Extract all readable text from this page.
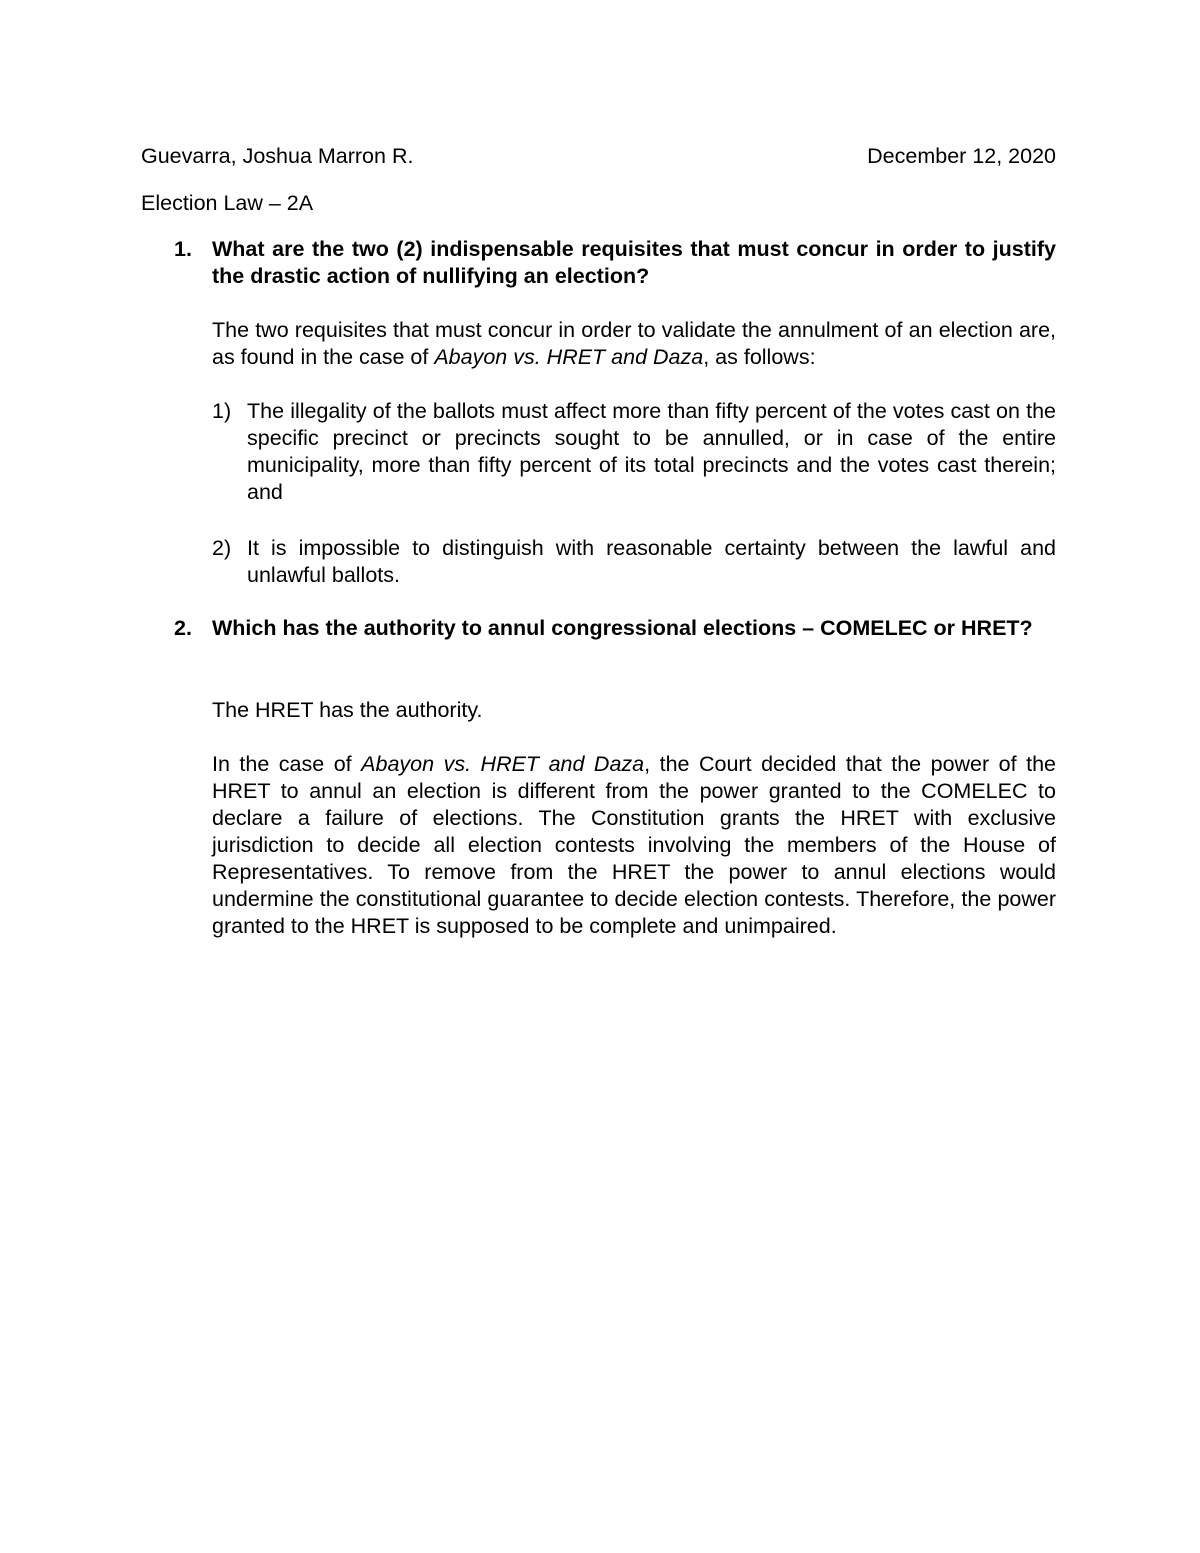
Guevarra, Joshua Marron R.	December 12, 2020
Election Law – 2A
1. What are the two (2) indispensable requisites that must concur in order to justify the drastic action of nullifying an election?

The two requisites that must concur in order to validate the annulment of an election are, as found in the case of Abayon vs. HRET and Daza, as follows:

1) The illegality of the ballots must affect more than fifty percent of the votes cast on the specific precinct or precincts sought to be annulled, or in case of the entire municipality, more than fifty percent of its total precincts and the votes cast therein; and
2) It is impossible to distinguish with reasonable certainty between the lawful and unlawful ballots.
2. Which has the authority to annul congressional elections – COMELEC or HRET?

The HRET has the authority.

In the case of Abayon vs. HRET and Daza, the Court decided that the power of the HRET to annul an election is different from the power granted to the COMELEC to declare a failure of elections. The Constitution grants the HRET with exclusive jurisdiction to decide all election contests involving the members of the House of Representatives. To remove from the HRET the power to annul elections would undermine the constitutional guarantee to decide election contests. Therefore, the power granted to the HRET is supposed to be complete and unimpaired.
